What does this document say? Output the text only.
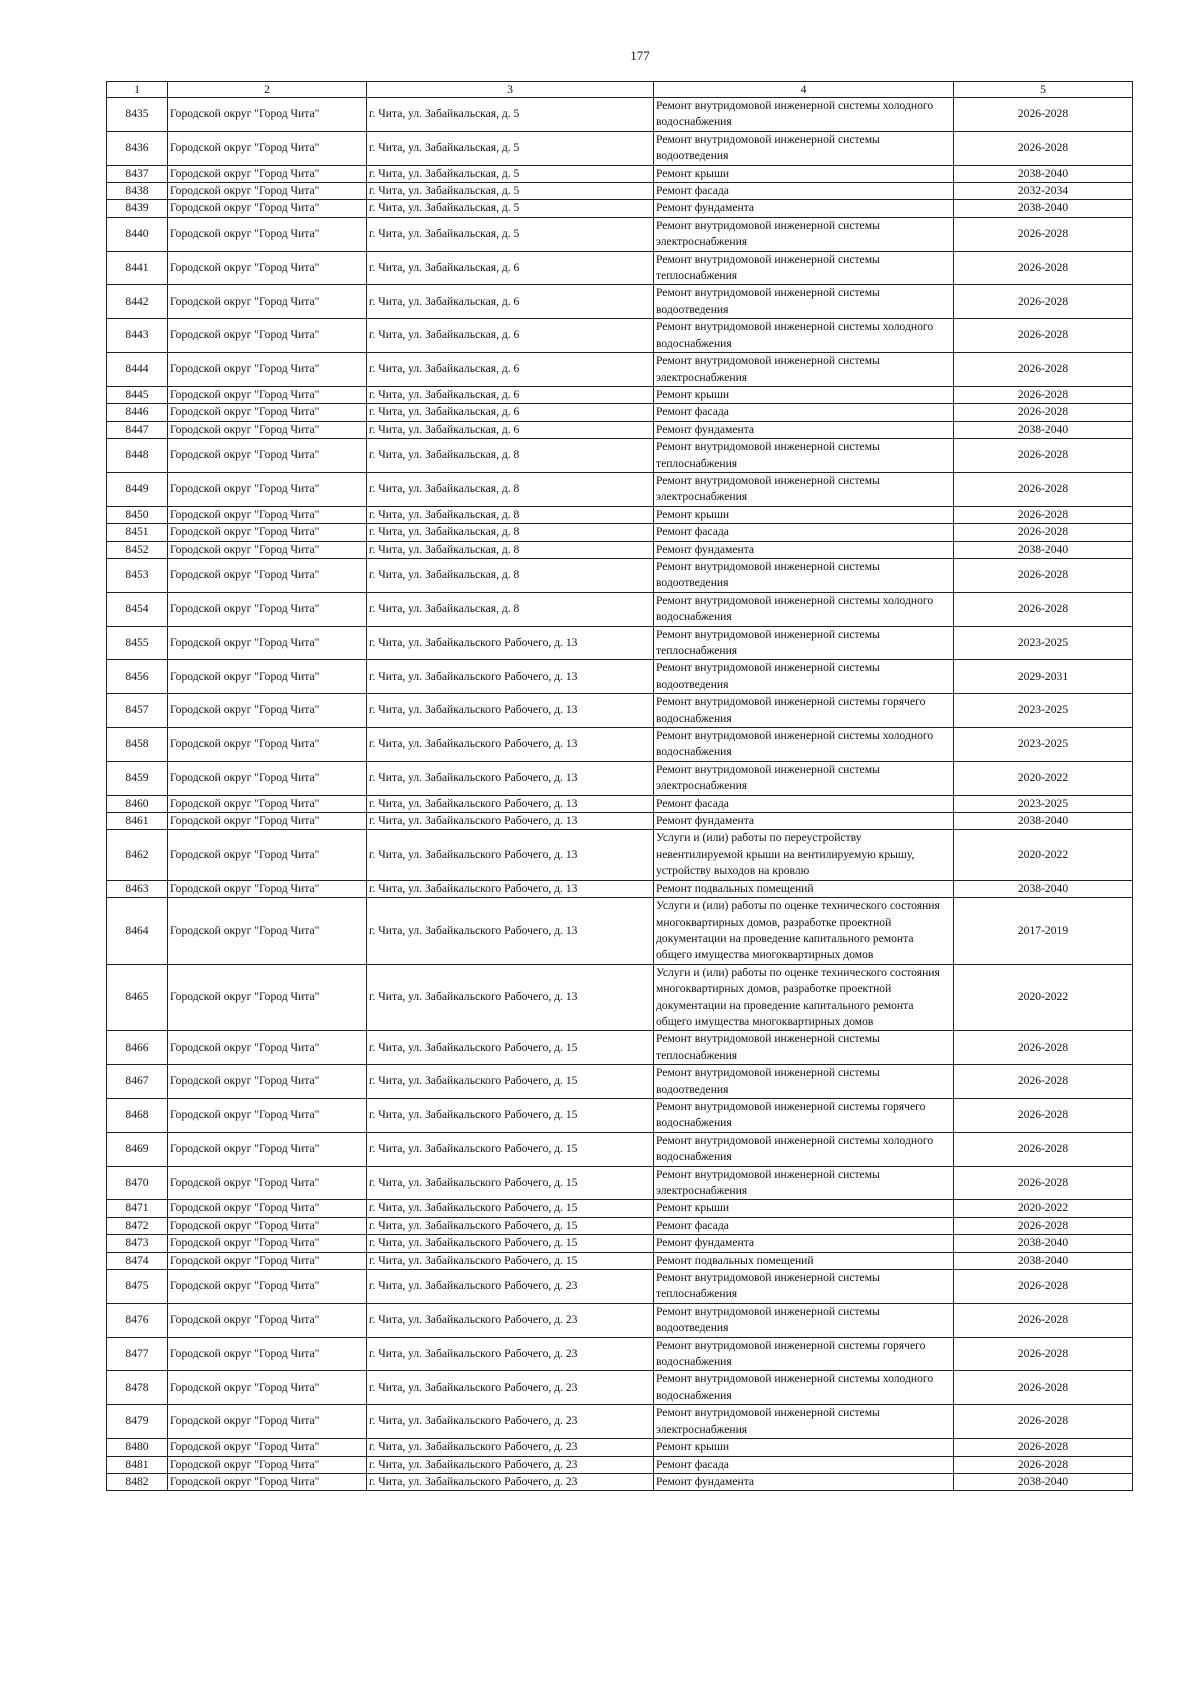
177
1	2	3	4	5
8435	Городской округ "Город Чита"	г. Чита, ул. Забайкальская, д. 5	Ремонт внутридомовой инженерной системы холодного водоснабжения	2026-2028
8436	Городской округ "Город Чита"	г. Чита, ул. Забайкальская, д. 5	Ремонт внутридомовой инженерной системы водоотведения	2026-2028
8437	Городской округ "Город Чита"	г. Чита, ул. Забайкальская, д. 5	Ремонт крыши	2038-2040
8438	Городской округ "Город Чита"	г. Чита, ул. Забайкальская, д. 5	Ремонт фасада	2032-2034
8439	Городской округ "Город Чита"	г. Чита, ул. Забайкальская, д. 5	Ремонт фундамента	2038-2040
8440	Городской округ "Город Чита"	г. Чита, ул. Забайкальская, д. 5	Ремонт внутридомовой инженерной системы электроснабжения	2026-2028
8441	Городской округ "Город Чита"	г. Чита, ул. Забайкальская, д. 6	Ремонт внутридомовой инженерной системы теплоснабжения	2026-2028
8442	Городской округ "Город Чита"	г. Чита, ул. Забайкальская, д. 6	Ремонт внутридомовой инженерной системы водоотведения	2026-2028
8443	Городской округ "Город Чита"	г. Чита, ул. Забайкальская, д. 6	Ремонт внутридомовой инженерной системы холодного водоснабжения	2026-2028
8444	Городской округ "Город Чита"	г. Чита, ул. Забайкальская, д. 6	Ремонт внутридомовой инженерной системы электроснабжения	2026-2028
8445	Городской округ "Город Чита"	г. Чита, ул. Забайкальская, д. 6	Ремонт крыши	2026-2028
8446	Городской округ "Город Чита"	г. Чита, ул. Забайкальская, д. 6	Ремонт фасада	2026-2028
8447	Городской округ "Город Чита"	г. Чита, ул. Забайкальская, д. 6	Ремонт фундамента	2038-2040
8448	Городской округ "Город Чита"	г. Чита, ул. Забайкальская, д. 8	Ремонт внутридомовой инженерной системы теплоснабжения	2026-2028
8449	Городской округ "Город Чита"	г. Чита, ул. Забайкальская, д. 8	Ремонт внутридомовой инженерной системы электроснабжения	2026-2028
8450	Городской округ "Город Чита"	г. Чита, ул. Забайкальская, д. 8	Ремонт крыши	2026-2028
8451	Городской округ "Город Чита"	г. Чита, ул. Забайкальская, д. 8	Ремонт фасада	2026-2028
8452	Городской округ "Город Чита"	г. Чита, ул. Забайкальская, д. 8	Ремонт фундамента	2038-2040
8453	Городской округ "Город Чита"	г. Чита, ул. Забайкальская, д. 8	Ремонт внутридомовой инженерной системы водоотведения	2026-2028
8454	Городской округ "Город Чита"	г. Чита, ул. Забайкальская, д. 8	Ремонт внутридомовой инженерной системы холодного водоснабжения	2026-2028
8455	Городской округ "Город Чита"	г. Чита, ул. Забайкальского Рабочего, д. 13	Ремонт внутридомовой инженерной системы теплоснабжения	2023-2025
8456	Городской округ "Город Чита"	г. Чита, ул. Забайкальского Рабочего, д. 13	Ремонт внутридомовой инженерной системы водоотведения	2029-2031
8457	Городской округ "Город Чита"	г. Чита, ул. Забайкальского Рабочего, д. 13	Ремонт внутридомовой инженерной системы горячего водоснабжения	2023-2025
8458	Городской округ "Город Чита"	г. Чита, ул. Забайкальского Рабочего, д. 13	Ремонт внутридомовой инженерной системы холодного водоснабжения	2023-2025
8459	Городской округ "Город Чита"	г. Чита, ул. Забайкальского Рабочего, д. 13	Ремонт внутридомовой инженерной системы электроснабжения	2020-2022
8460	Городской округ "Город Чита"	г. Чита, ул. Забайкальского Рабочего, д. 13	Ремонт фасада	2023-2025
8461	Городской округ "Город Чита"	г. Чита, ул. Забайкальского Рабочего, д. 13	Ремонт фундамента	2038-2040
8462	Городской округ "Город Чита"	г. Чита, ул. Забайкальского Рабочего, д. 13	Услуги и (или) работы по переустройству невентилируемой крыши на вентилируемую крышу, устройству выходов на кровлю	2020-2022
8463	Городской округ "Город Чита"	г. Чита, ул. Забайкальского Рабочего, д. 13	Ремонт подвальных помещений	2038-2040
8464	Городской округ "Город Чита"	г. Чита, ул. Забайкальского Рабочего, д. 13	Услуги и (или) работы по оценке технического состояния многоквартирных домов, разработке проектной документации на проведение капитального ремонта общего имущества многоквартирных домов	2017-2019
8465	Городской округ "Город Чита"	г. Чита, ул. Забайкальского Рабочего, д. 13	Услуги и (или) работы по оценке технического состояния многоквартирных домов, разработке проектной документации на проведение капитального ремонта общего имущества многоквартирных домов	2020-2022
8466	Городской округ "Город Чита"	г. Чита, ул. Забайкальского Рабочего, д. 15	Ремонт внутридомовой инженерной системы теплоснабжения	2026-2028
8467	Городской округ "Город Чита"	г. Чита, ул. Забайкальского Рабочего, д. 15	Ремонт внутридомовой инженерной системы водоотведения	2026-2028
8468	Городской округ "Город Чита"	г. Чита, ул. Забайкальского Рабочего, д. 15	Ремонт внутридомовой инженерной системы горячего водоснабжения	2026-2028
8469	Городской округ "Город Чита"	г. Чита, ул. Забайкальского Рабочего, д. 15	Ремонт внутридомовой инженерной системы холодного водоснабжения	2026-2028
8470	Городской округ "Город Чита"	г. Чита, ул. Забайкальского Рабочего, д. 15	Ремонт внутридомовой инженерной системы электроснабжения	2026-2028
8471	Городской округ "Город Чита"	г. Чита, ул. Забайкальского Рабочего, д. 15	Ремонт крыши	2020-2022
8472	Городской округ "Город Чита"	г. Чита, ул. Забайкальского Рабочего, д. 15	Ремонт фасада	2026-2028
8473	Городской округ "Город Чита"	г. Чита, ул. Забайкальского Рабочего, д. 15	Ремонт фундамента	2038-2040
8474	Городской округ "Город Чита"	г. Чита, ул. Забайкальского Рабочего, д. 15	Ремонт подвальных помещений	2038-2040
8475	Городской округ "Город Чита"	г. Чита, ул. Забайкальского Рабочего, д. 23	Ремонт внутридомовой инженерной системы теплоснабжения	2026-2028
8476	Городской округ "Город Чита"	г. Чита, ул. Забайкальского Рабочего, д. 23	Ремонт внутридомовой инженерной системы водоотведения	2026-2028
8477	Городской округ "Город Чита"	г. Чита, ул. Забайкальского Рабочего, д. 23	Ремонт внутридомовой инженерной системы горячего водоснабжения	2026-2028
8478	Городской округ "Город Чита"	г. Чита, ул. Забайкальского Рабочего, д. 23	Ремонт внутридомовой инженерной системы холодного водоснабжения	2026-2028
8479	Городской округ "Город Чита"	г. Чита, ул. Забайкальского Рабочего, д. 23	Ремонт внутридомовой инженерной системы электроснабжения	2026-2028
8480	Городской округ "Город Чита"	г. Чита, ул. Забайкальского Рабочего, д. 23	Ремонт крыши	2026-2028
8481	Городской округ "Город Чита"	г. Чита, ул. Забайкальского Рабочего, д. 23	Ремонт фасада	2026-2028
8482	Городской округ "Город Чита"	г. Чита, ул. Забайкальского Рабочего, д. 23	Ремонт фундамента	2038-2040
